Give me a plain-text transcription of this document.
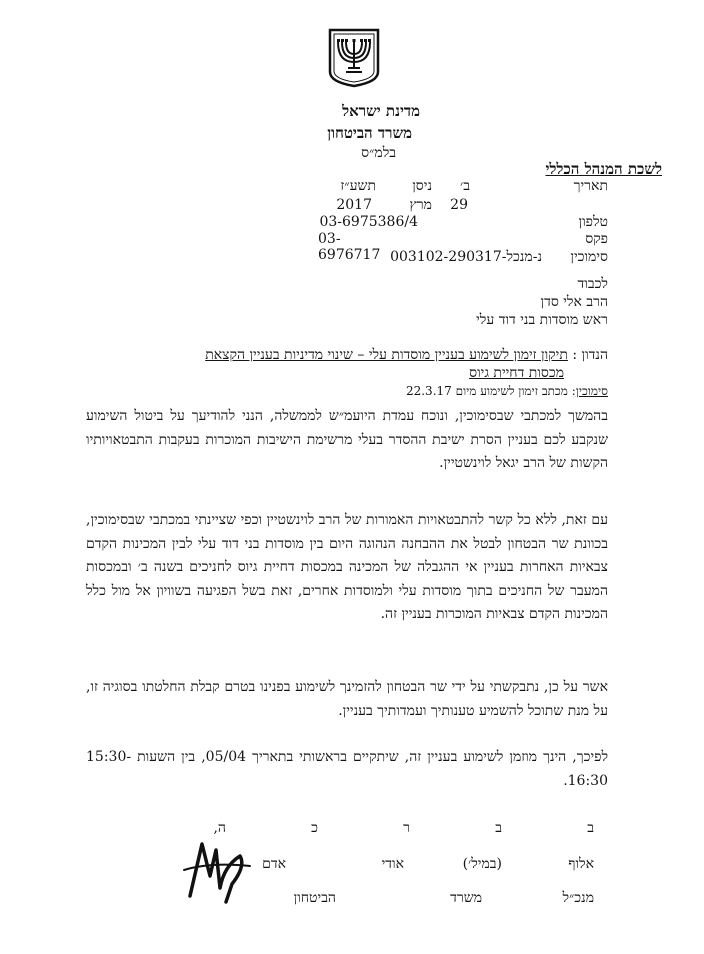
מדינת ישראל
משרד הביטחון
בלמ״ס
לשכת המנהל הכללי
תאריך
ב׳
ניסן
תשע״ז
29
מרץ
2017
טלפון
03-6975386/4
פקס
03-6976717	סימוכין
נ-מנכל-003102-290317
לכבוד
הרב אלי סדן
ראש מוסדות בני דוד עלי
הנדון : תיקון זימון לשימוע בעניין מוסדות עלי – שינוי מדיניות בעניין הקצאת
מכסות דחיית גיוס
סימוכין: מכתב זימון לשימוע מיום 22.3.17
בהמשך למכתבי שבסימוכין, ונוכח עמדת היועמ״ש לממשלה, הנני להודיעך על ביטול השימוע שנקבע לכם בעניין הסרת ישיבת ההסדר בעלי מרשימת הישיבות המוכרות בעקבות התבטאויותיו הקשות של הרב יגאל לוינשטיין.
עם זאת, ללא כל קשר להתבטאויות האמורות של הרב לוינשטיין וכפי שציינתי במכתבי שבסימוכין, בכוונת שר הבטחון לבטל את ההבחנה הנהוגה היום בין מוסדות בני דוד עלי לבין המכינות הקדם צבאיות האחרות בעניין אי ההגבלה של המכינה במכסות דחיית גיוס לחניכים בשנה ב׳ ובמכסות המעבר של החניכים בתוך מוסדות עלי ולמוסדות אחרים, זאת בשל הפגיעה בשוויון אל מול כלל המכינות הקדם צבאיות המוכרות בעניין זה.
אשר על כן, נתבקשתי על ידי שר הבטחון להזמינך לשימוע בפנינו בטרם קבלת החלטתו בסוגיה זו, על מנת שתוכל להשמיע טענותיך ועמדותיך בעניין.
לפיכך, הינך מוזמן לשימוע בעניין זה, שיתקיים בראשותי בתאריך 05/04, בין השעות 15:30-16:30.
ב
ב
ר
כ
ה,
אלוף
(במיל׳)
אודי
אדם
מנכ״ל
משרד
הביטחון
